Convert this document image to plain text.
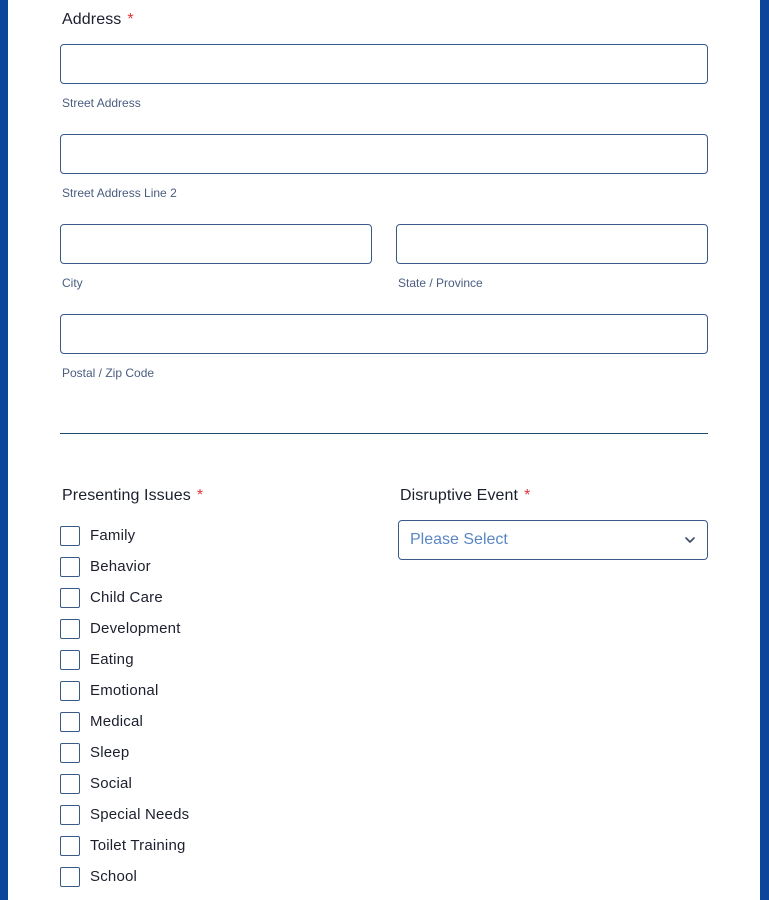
Address *
Street Address
Street Address Line 2
City	State / Province
Postal / Zip Code
Presenting Issues *
Family
Behavior
Child Care
Development
Eating
Emotional
Medical
Sleep
Social
Special Needs
Toilet Training
School
Disruptive Event *
Please Select
